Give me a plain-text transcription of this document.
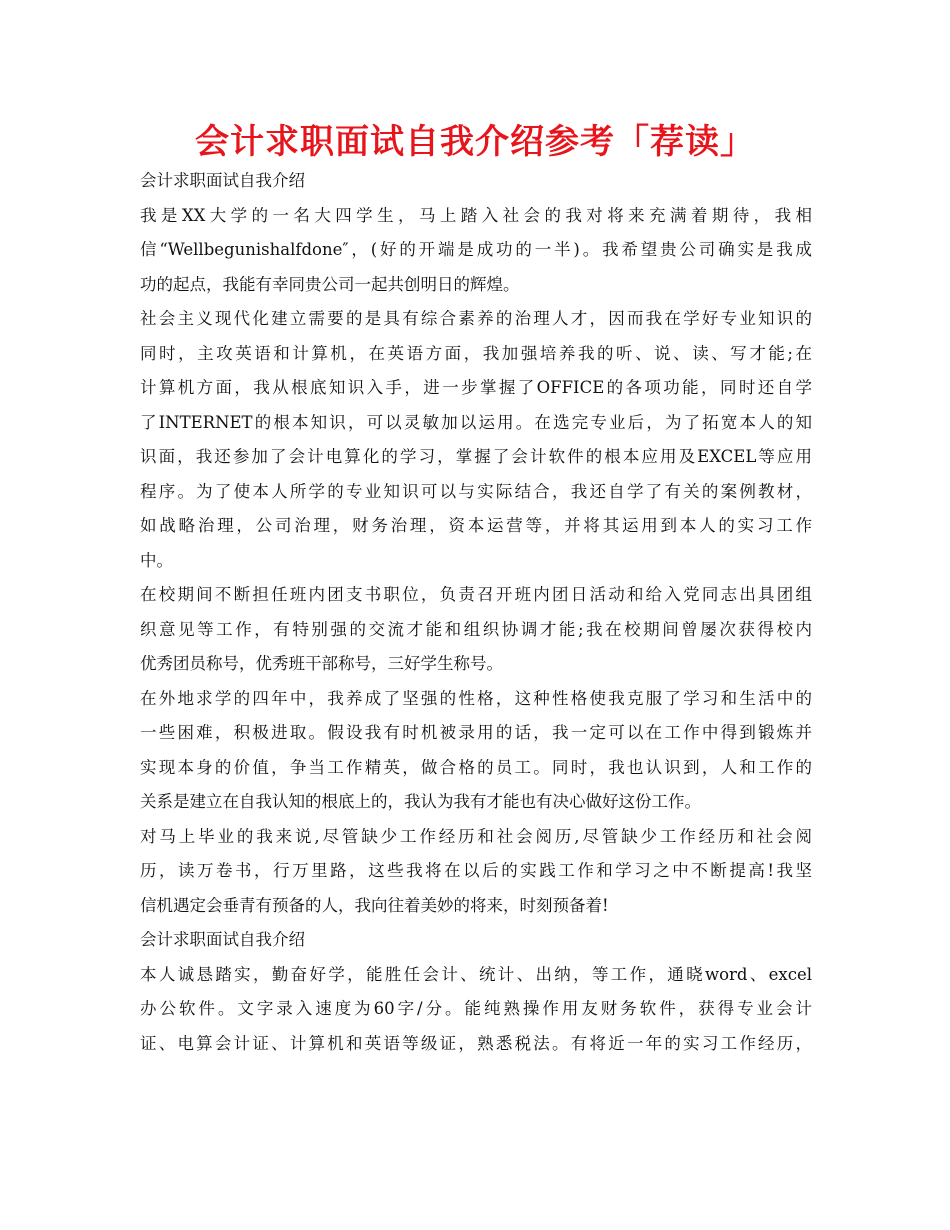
会计求职面试自我介绍参考「荐读」
会计求职面试自我介绍
我是XX大学的一名大四学生，马上踏入社会的我对将来充满着期待，我相
信“Wellbegunishalfdone″，(好的开端是成功的一半)。我希望贵公司确实是我成
功的起点，我能有幸同贵公司一起共创明日的辉煌。
社会主义现代化建立需要的是具有综合素养的治理人才，因而我在学好专业知识的
同时，主攻英语和计算机，在英语方面，我加强培养我的听、说、读、写才能;在
计算机方面，我从根底知识入手，进一步掌握了OFFICE的各项功能，同时还自学
了INTERNET的根本知识，可以灵敏加以运用。在选完专业后，为了拓宽本人的知
识面，我还参加了会计电算化的学习，掌握了会计软件的根本应用及EXCEL等应用
程序。为了使本人所学的专业知识可以与实际结合，我还自学了有关的案例教材，
如战略治理，公司治理，财务治理，资本运营等，并将其运用到本人的实习工作
中。
在校期间不断担任班内团支书职位，负责召开班内团日活动和给入党同志出具团组
织意见等工作，有特别强的交流才能和组织协调才能;我在校期间曾屡次获得校内
优秀团员称号，优秀班干部称号，三好学生称号。
在外地求学的四年中，我养成了坚强的性格，这种性格使我克服了学习和生活中的
一些困难，积极进取。假设我有时机被录用的话，我一定可以在工作中得到锻炼并
实现本身的价值，争当工作精英，做合格的员工。同时，我也认识到，人和工作的
关系是建立在自我认知的根底上的，我认为我有才能也有决心做好这份工作。
对马上毕业的我来说,尽管缺少工作经历和社会阅历,尽管缺少工作经历和社会阅
历，读万卷书，行万里路，这些我将在以后的实践工作和学习之中不断提高!我坚
信机遇定会垂青有预备的人，我向往着美妙的将来，时刻预备着!
会计求职面试自我介绍
本人诚恳踏实，勤奋好学，能胜任会计、统计、出纳，等工作，通晓word、excel
办公软件。文字录入速度为60字/分。能纯熟操作用友财务软件，获得专业会计
证、电算会计证、计算机和英语等级证，熟悉税法。有将近一年的实习工作经历，
